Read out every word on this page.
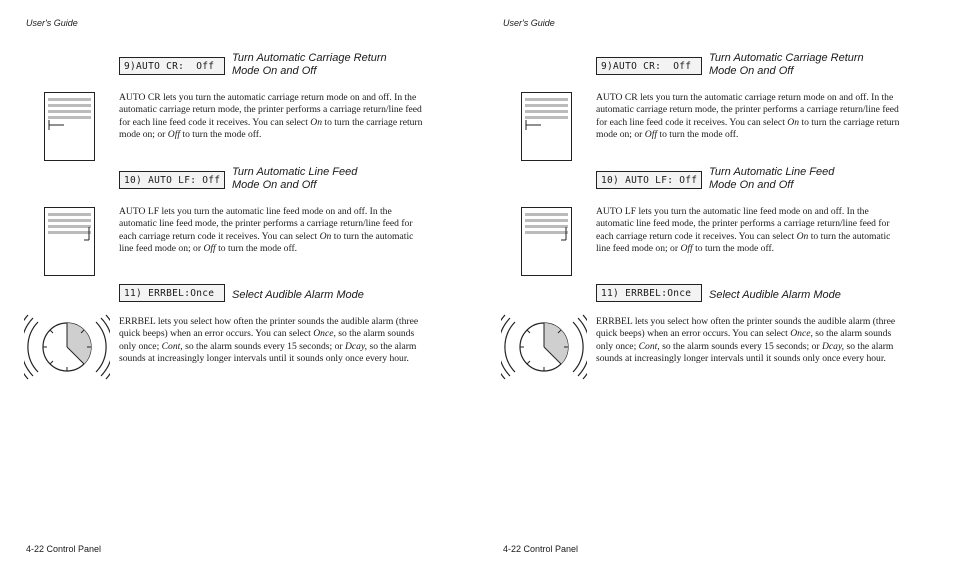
User's Guide
9)AUTO CR:  Off
Turn Automatic Carriage Return
Mode On and Off
AUTO CR lets you turn the automatic carriage return mode on and off. In the automatic carriage return mode, the printer performs a carriage return/line feed for each line feed code it receives. You can select On to turn the carriage return mode on; or Off to turn the mode off.
10) AUTO LF: Off
Turn Automatic Line Feed
Mode On and Off
AUTO LF lets you turn the automatic line feed mode on and off. In the automatic line feed mode, the printer performs a carriage return/line feed for each carriage return code it receives. You can select On to turn the automatic line feed mode on; or Off to turn the mode off.
11) ERRBEL:Once	Select Audible Alarm Mode
ERRBEL lets you select how often the printer sounds the audible alarm (three quick beeps) when an error occurs. You can select Once, so the alarm sounds only once; Cont, so the alarm sounds every 15 seconds; or Dcay, so the alarm sounds at increasingly longer intervals until it sounds only once every hour.
4-22 Control Panel
User's Guide
9)AUTO CR:  Off
Turn Automatic Carriage Return
Mode On and Off
AUTO CR lets you turn the automatic carriage return mode on and off. In the automatic carriage return mode, the printer performs a carriage return/line feed for each line feed code it receives. You can select On to turn the carriage return mode on; or Off to turn the mode off.
10) AUTO LF: Off
Turn Automatic Line Feed
Mode On and Off
AUTO LF lets you turn the automatic line feed mode on and off. In the automatic line feed mode, the printer performs a carriage return/line feed for each carriage return code it receives. You can select On to turn the automatic line feed mode on; or Off to turn the mode off.
11) ERRBEL:Once	Select Audible Alarm Mode
ERRBEL lets you select how often the printer sounds the audible alarm (three quick beeps) when an error occurs. You can select Once, so the alarm sounds only once; Cont, so the alarm sounds every 15 seconds; or Dcay, so the alarm sounds at increasingly longer intervals until it sounds only once every hour.
4-22 Control Panel
